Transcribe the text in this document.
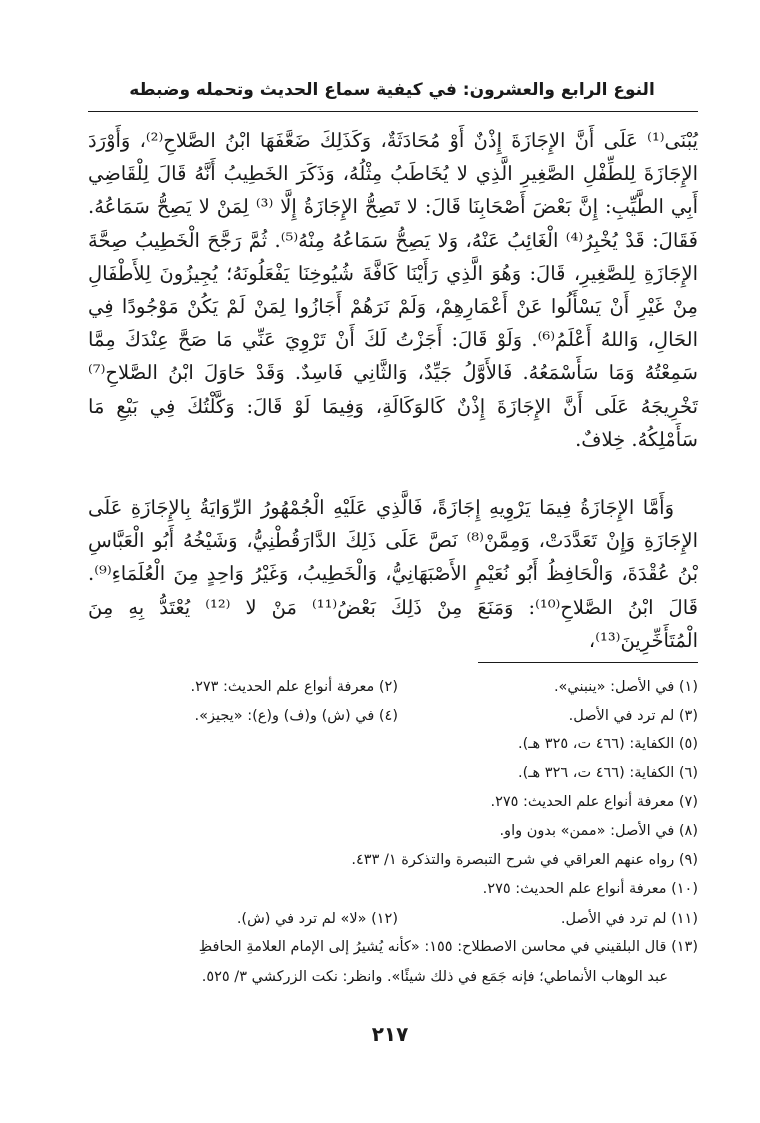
النوع الرابع والعشرون: في كيفية سماع الحديث وتحمله وضبطه

يُبْنَى⁽¹⁾ عَلَى أَنَّ الإِجَازَةَ إِذْنٌ أَوْ مُحَادَثَةٌ، وَكَذَلِكَ ضَعَّفَهَا ابْنُ الصَّلاحِ⁽²⁾، وَأَوْرَدَ الإِجَازَةَ لِلطِّفْلِ الصَّغِيرِ الَّذِي لا يُخَاطَبُ مِثْلُهُ، وَذَكَرَ الخَطِيبُ أَنَّهُ قَالَ لِلْقَاضِي أَبِي الطَّيِّبِ: إِنَّ بَعْضَ أَصْحَابِنَا قَالَ: لا تَصِحُّ الإِجَازَةُ إِلَّا ⁽³⁾ لِمَنْ لا يَصِحُّ سَمَاعُهُ. فَقَالَ: قَدْ يُخْبِرُ⁽⁴⁾ الْغَائِبُ عَنْهُ، وَلا يَصِحُّ سَمَاعُهُ مِنْهُ⁽⁵⁾. ثُمَّ رَجَّحَ الْخَطِيبُ صِحَّةَ الإِجَازَةِ لِلصَّغِيرِ، قَالَ: وَهُوَ الَّذِي رَأَيْنَا كَافَّةَ شُيُوخِنَا يَفْعَلُونَهُ؛ يُجِيزُونَ لِلأَطْفَالِ مِنْ غَيْرِ أَنْ يَسْأَلُوا عَنْ أَعْمَارِهِمْ، وَلَمْ نَرَهُمْ أَجَازُوا لِمَنْ لَمْ يَكُنْ مَوْجُودًا فِي الحَالِ، وَاللهُ أَعْلَمُ⁽⁶⁾. وَلَوْ قَالَ: أَجَزْتُ لَكَ أَنْ تَرْوِيَ عَنِّي مَا صَحَّ عِنْدَكَ مِمَّا سَمِعْتُهُ وَمَا سَأَسْمَعُهُ. فَالأَوَّلُ جَيِّدٌ، وَالثَّانِي فَاسِدٌ. وَقَدْ حَاوَلَ ابْنُ الصَّلاحِ⁽⁷⁾ تَخْرِيجَهُ عَلَى أَنَّ الإِجَازَةَ إِذْنٌ كَالوَكَالَةِ، وَفِيمَا لَوْ قَالَ: وَكَّلْتُكَ فِي بَيْعِ مَا سَأَمْلِكُهُ. خِلافٌ.

وَأَمَّا الإِجَازَةُ فِيمَا يَرْوِيهِ إِجَازَةً، فَالَّذِي عَلَيْهِ الْجُمْهُورُ الرِّوَايَةُ بِالإِجَازَةِ عَلَى الإِجَازَةِ وَإِنْ تَعَدَّدَتْ، وَمِمَّنْ⁽⁸⁾ نَصَّ عَلَى ذَلِكَ الدَّارَقُطْنِيُّ، وَشَيْخُهُ أَبُو الْعَبَّاسِ بْنُ عُقْدَةَ، وَالْحَافِظُ أَبُو نُعَيْمٍ الأَصْبَهَانِيُّ، وَالْخَطِيبُ، وَغَيْرُ وَاحِدٍ مِنَ الْعُلَمَاءِ⁽⁹⁾. قَالَ ابْنُ الصَّلاحِ⁽¹⁰⁾: وَمَنَعَ مِنْ ذَلِكَ بَعْضُ⁽¹¹⁾ مَنْ لا ⁽¹²⁾ يُعْتَدُّ بِهِ مِنَ الْمُتَأَخِّرِينَ⁽¹³⁾،

(١) في الأصل: «ينبني».
(٢) معرفة أنواع علم الحديث: ٢٧٣.
(٣) لم ترد في الأصل.
(٤) في (ش) و(ف) و(ع): «يجيز».
(٥) الكفاية: (٤٦٦ ت، ٣٢٥ هـ).
(٦) الكفاية: (٤٦٦ ت، ٣٢٦ هـ).
(٧) معرفة أنواع علم الحديث: ٢٧٥.
(٨) في الأصل: «ممن» بدون واو.
(٩) رواه عنهم العراقي في شرح التبصرة والتذكرة ١/ ٤٣٣.
(١٠) معرفة أنواع علم الحديث: ٢٧٥.
(١١) لم ترد في الأصل.
(١٢) «لا» لم ترد في (ش).
(١٣) قال البلقيني في محاسن الاصطلاح: ١٥٥: «كأنه يُشيرُ إلى الإمام العلامةِ الحافظِ
عبد الوهاب الأنماطي؛ فإنه جَمَع في ذلك شيئًا». وانظر: نكت الزركشي ٣/ ٥٢٥.
٢١٧
